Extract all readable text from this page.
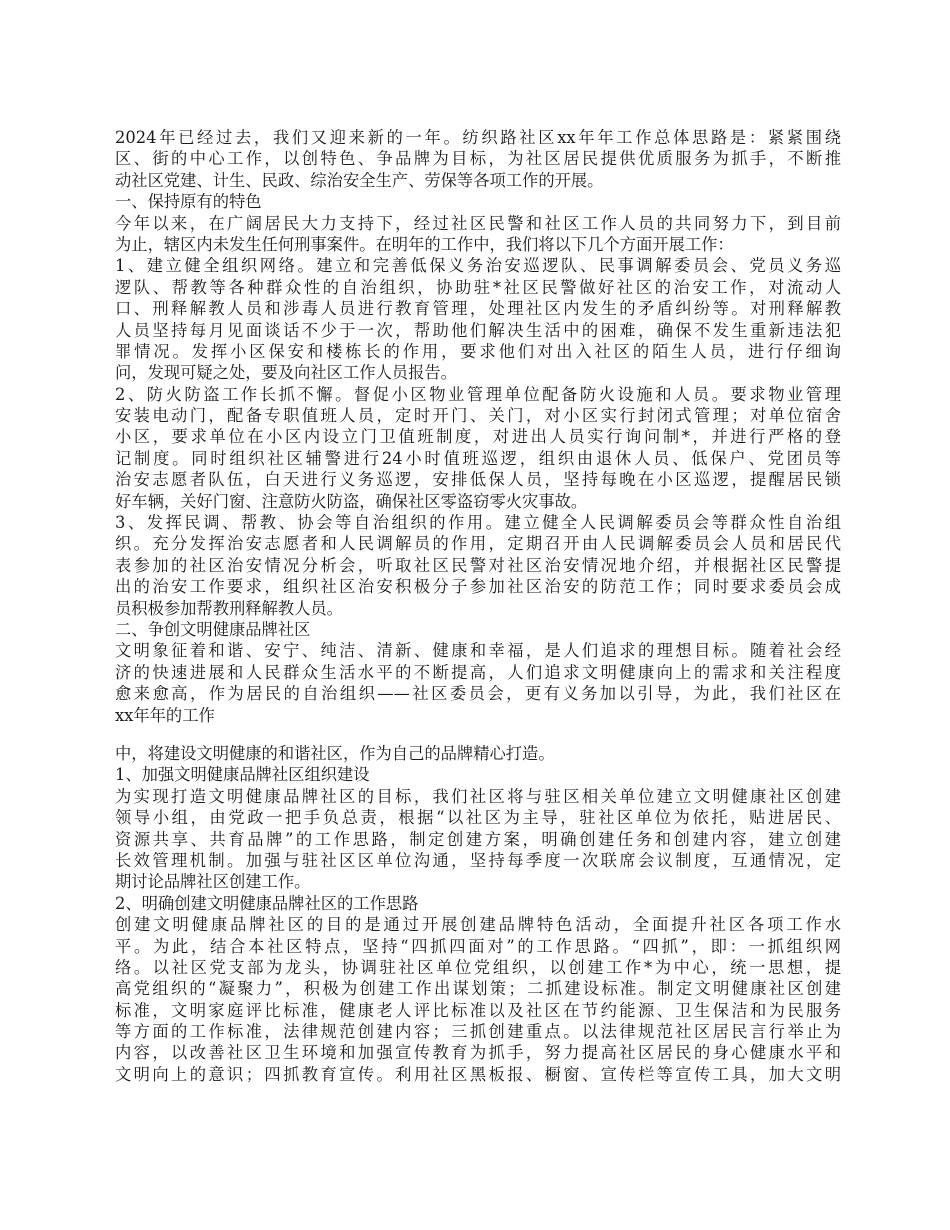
2024年已经过去，我们又迎来新的一年。纺织路社区xx年年工作总体思路是：紧紧围绕
区、街的中心工作，以创特色、争品牌为目标，为社区居民提供优质服务为抓手，不断推
动社区党建、计生、民政、综治安全生产、劳保等各项工作的开展。
一、保持原有的特色
今年以来，在广阔居民大力支持下，经过社区民警和社区工作人员的共同努力下，到目前
为止，辖区内未发生任何刑事案件。在明年的工作中，我们将以下几个方面开展工作：
1、建立健全组织网络。建立和完善低保义务治安巡逻队、民事调解委员会、党员义务巡
逻队、帮教等各种群众性的自治组织，协助驻*社区民警做好社区的治安工作，对流动人
口、刑释解教人员和涉毒人员进行教育管理，处理社区内发生的矛盾纠纷等。对刑释解教
人员坚持每月见面谈话不少于一次，帮助他们解决生活中的困难，确保不发生重新违法犯
罪情况。发挥小区保安和楼栋长的作用，要求他们对出入社区的陌生人员，进行仔细询
问，发现可疑之处，要及向社区工作人员报告。
2、防火防盗工作长抓不懈。督促小区物业管理单位配备防火设施和人员。要求物业管理
安装电动门，配备专职值班人员，定时开门、关门，对小区实行封闭式管理；对单位宿舍
小区，要求单位在小区内设立门卫值班制度，对进出人员实行询问制*，并进行严格的登
记制度。同时组织社区辅警进行24小时值班巡逻，组织由退休人员、低保户、党团员等
治安志愿者队伍，白天进行义务巡逻，安排低保人员，坚持每晚在小区巡逻，提醒居民锁
好车辆，关好门窗、注意防火防盗，确保社区零盗窃零火灾事故。
3、发挥民调、帮教、协会等自治组织的作用。建立健全人民调解委员会等群众性自治组
织。充分发挥治安志愿者和人民调解员的作用，定期召开由人民调解委员会人员和居民代
表参加的社区治安情况分析会，听取社区民警对社区治安情况地介绍，并根据社区民警提
出的治安工作要求，组织社区治安积极分子参加社区治安的防范工作；同时要求委员会成
员积极参加帮教刑释解教人员。
二、争创文明健康品牌社区
文明象征着和谐、安宁、纯洁、清新、健康和幸福，是人们追求的理想目标。随着社会经
济的快速进展和人民群众生活水平的不断提高，人们追求文明健康向上的需求和关注程度
愈来愈高，作为居民的自治组织——社区委员会，更有义务加以引导，为此，我们社区在
xx年年的工作
中，将建设文明健康的和谐社区，作为自己的品牌精心打造。
1、加强文明健康品牌社区组织建设
为实现打造文明健康品牌社区的目标，我们社区将与驻区相关单位建立文明健康社区创建
领导小组，由党政一把手负总责，根据“以社区为主导，驻社区单位为依托，贴进居民、
资源共享、共育品牌”的工作思路，制定创建方案，明确创建任务和创建内容，建立创建
长效管理机制。加强与驻社区区单位沟通，坚持每季度一次联席会议制度，互通情况，定
期讨论品牌社区创建工作。
2、明确创建文明健康品牌社区的工作思路
创建文明健康品牌社区的目的是通过开展创建品牌特色活动，全面提升社区各项工作水
平。为此，结合本社区特点，坚持“四抓四面对”的工作思路。“四抓”，即：一抓组织网
络。以社区党支部为龙头，协调驻社区单位党组织，以创建工作*为中心，统一思想，提
高党组织的“凝聚力”，积极为创建工作出谋划策；二抓建设标准。制定文明健康社区创建
标准，文明家庭评比标准，健康老人评比标准以及社区在节约能源、卫生保洁和为民服务
等方面的工作标准，法律规范创建内容；三抓创建重点。以法律规范社区居民言行举止为
内容，以改善社区卫生环境和加强宣传教育为抓手，努力提高社区居民的身心健康水平和
文明向上的意识；四抓教育宣传。利用社区黑板报、橱窗、宣传栏等宣传工具，加大文明
